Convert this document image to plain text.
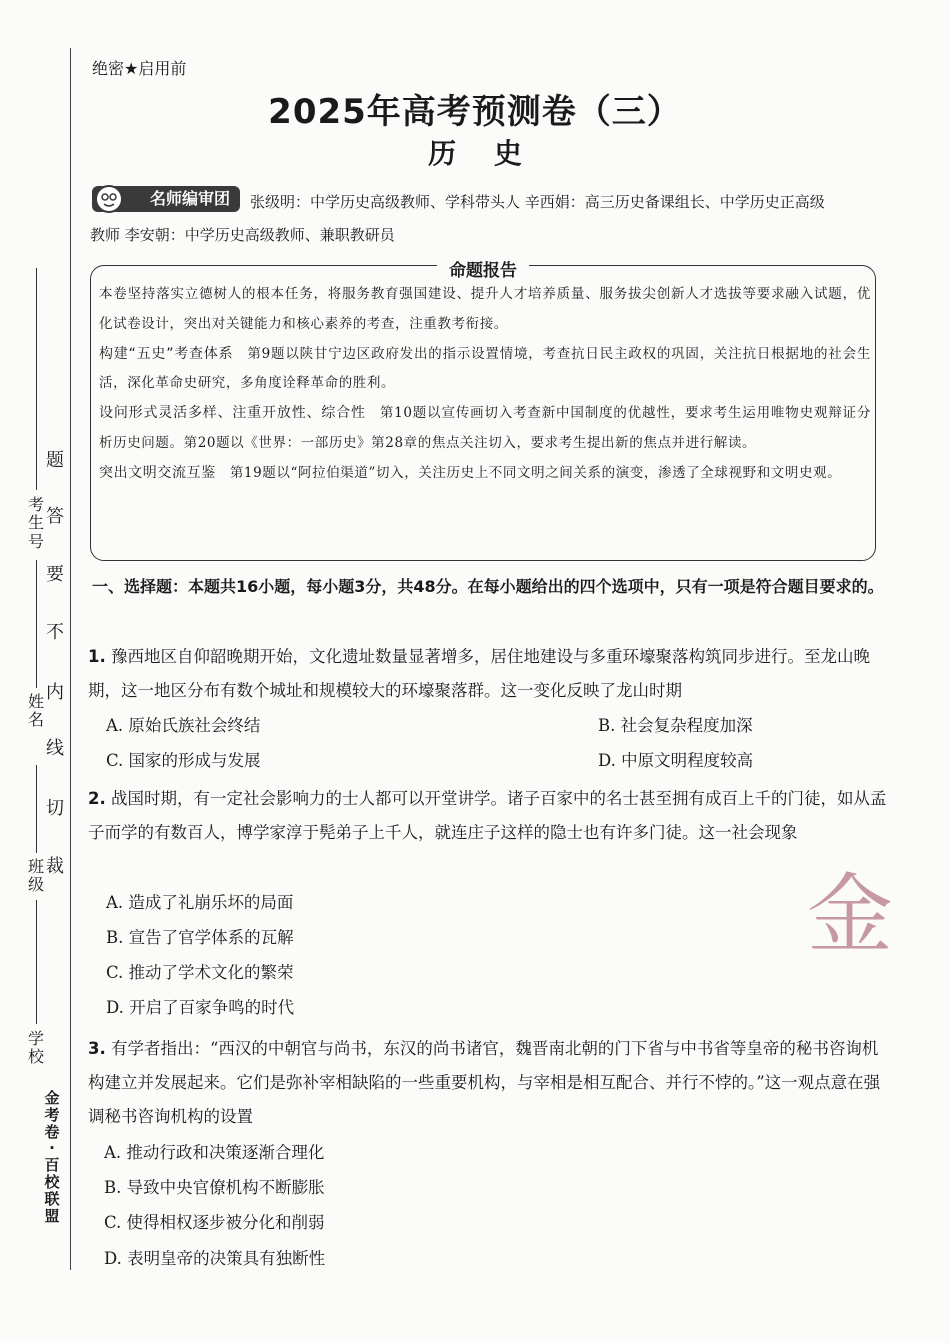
学校
班级
姓名
考生号
题
答
要
不
内
线
切
裁
金考卷·百校联盟
绝密★启用前
2025年高考预测卷（三）
历 史
名师编审团	张级明：中学历史高级教师、学科带头人 辛西娟：高三历史备课组长、中学历史正高级
教师 李安朝：中学历史高级教师、兼职教研员
命题报告

本卷坚持落实立德树人的根本任务，将服务教育强国建设、提升人才培养质量、服务拔尖创新人才选拔等要求融入试题，优化试卷设计，突出对关键能力和核心素养的考查，注重教考衔接。

构建“五史”考查体系 第9题以陕甘宁边区政府发出的指示设置情境，考查抗日民主政权的巩固，关注抗日根据地的社会生活，深化革命史研究，多角度诠释革命的胜利。

设问形式灵活多样、注重开放性、综合性 第10题以宣传画切入考查新中国制度的优越性，要求考生运用唯物史观辩证分析历史问题。第20题以《世界：一部历史》第28章的焦点关注切入，要求考生提出新的焦点并进行解读。

突出文明交流互鉴 第19题以“阿拉伯渠道”切入，关注历史上不同文明之间关系的演变，渗透了全球视野和文明史观。

一、选择题：本题共16小题，每小题3分，共48分。在每小题给出的四个选项中，只有一项是符合题目要求的。
1. 豫西地区自仰韶晚期开始，文化遗址数量显著增多，居住地建设与多重环壕聚落构筑同步进行。至龙山晚期，这一地区分布有数个城址和规模较大的环壕聚落群。这一变化反映了龙山时期
A. 原始氏族社会终结	B. 社会复杂程度加深
C. 国家的形成与发展	D. 中原文明程度较高
2. 战国时期，有一定社会影响力的士人都可以开堂讲学。诸子百家中的名士甚至拥有成百上千的门徒，如从孟子而学的有数百人，博学家淳于髡弟子上千人，就连庄子这样的隐士也有许多门徒。这一社会现象
A. 造成了礼崩乐坏的局面
B. 宣告了官学体系的瓦解
C. 推动了学术文化的繁荣
D. 开启了百家争鸣的时代
金
3. 有学者指出：“西汉的中朝官与尚书，东汉的尚书诸官，魏晋南北朝的门下省与中书省等皇帝的秘书咨询机构建立并发展起来。它们是弥补宰相缺陷的一些重要机构，与宰相是相互配合、并行不悖的。”这一观点意在强调秘书咨询机构的设置
A. 推动行政和决策逐渐合理化
B. 导致中央官僚机构不断膨胀
C. 使得相权逐步被分化和削弱
D. 表明皇帝的决策具有独断性
